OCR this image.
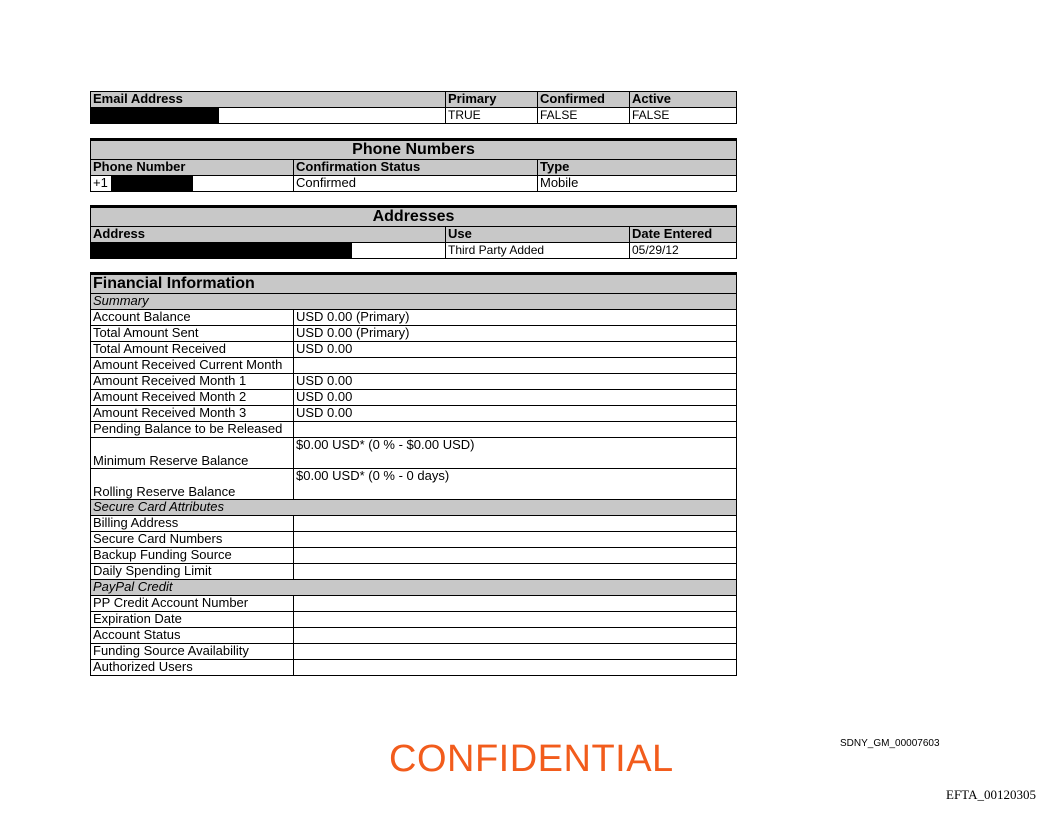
Email Address	Primary	Confirmed	Active
	TRUE	FALSE	FALSE
Phone Numbers		
Phone Number	Confirmation Status	Type
+1	Confirmed	Mobile
Addresses		
Address	Use	Date Entered
	Third Party Added	05/29/12
Financial Information	
Summary	
Account Balance	USD 0.00 (Primary)
Total Amount Sent	USD 0.00 (Primary)
Total Amount Received	USD 0.00
Amount Received Current Month	
Amount Received Month 1	USD 0.00
Amount Received Month 2	USD 0.00
Amount Received Month 3	USD 0.00
Pending Balance to be Released	
Minimum Reserve Balance	$0.00 USD* (0 % - $0.00 USD)
Rolling Reserve Balance	$0.00 USD* (0 % - 0 days)
Secure Card Attributes	
Billing Address	
Secure Card Numbers	
Backup Funding Source	
Daily Spending Limit	
PayPal Credit	
PP Credit Account Number	
Expiration Date	
Account Status	
Funding Source Availability	
Authorized Users	
CONFIDENTIAL	SDNY_GM_00007603
EFTA_00120305
